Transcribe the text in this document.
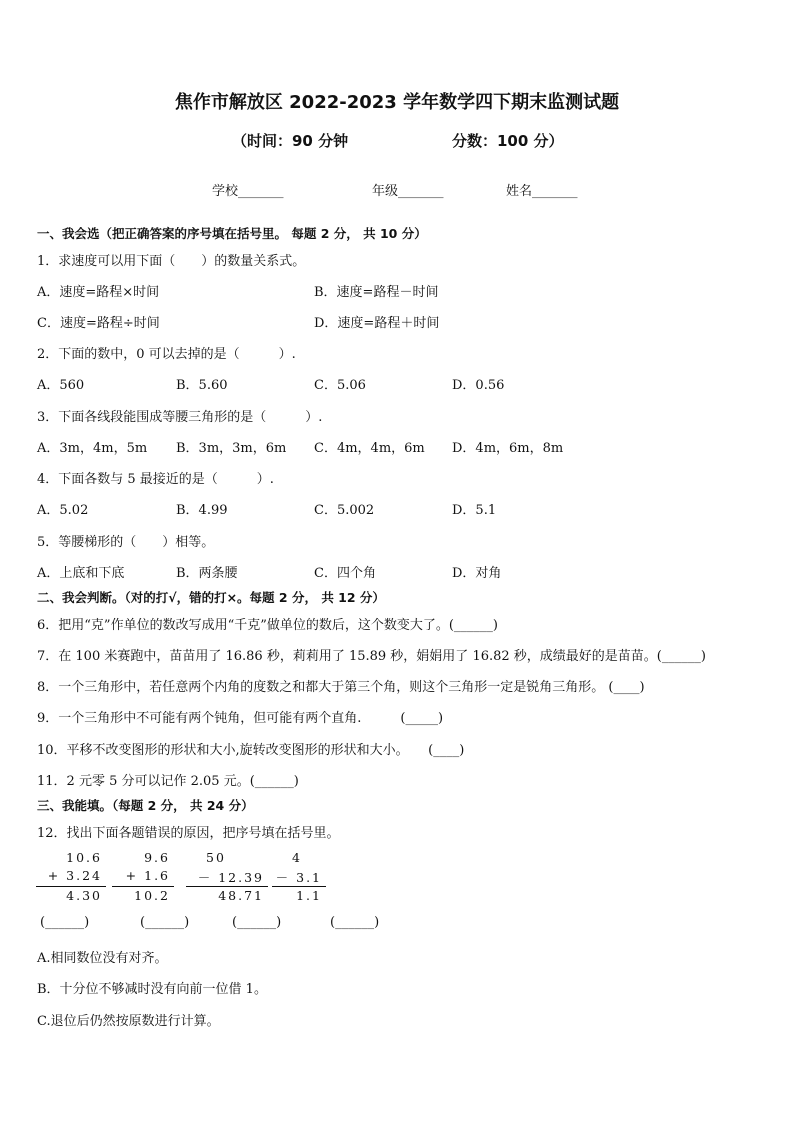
焦作市解放区 2022-2023 学年数学四下期末监测试题
（时间：90 分钟	分数：100 分）
学校_______	年级_______	姓名_______
一、我会选（把正确答案的序号填在括号里。 每题 2 分， 共 10 分）
1．求速度可以用下面（　　）的数量关系式。
A．速度=路程×时间	B．速度=路程－时间
C．速度=路程÷时间	D．速度=路程＋时间
2．下面的数中，0 可以去掉的是（　　　）.
A．560	B．5.60	C．5.06	D．0.56
3．下面各线段能围成等腰三角形的是（　　　）.
A．3m，4m，5m B．3m，3m，6m C．4m，4m，6m D．4m，6m，8m
4．下面各数与 5 最接近的是（　　　）.
A．5.02	B．4.99	C．5.002	D．5.1
5．等腰梯形的（　　）相等。
A．上底和下底	B．两条腰	C．四个角	D．对角
二、我会判断。（对的打√，错的打×。每题 2 分， 共 12 分）
6．把用“克”作单位的数改写成用“千克”做单位的数后，这个数变大了。(______)
7．在 100 米赛跑中，苗苗用了 16.86 秒，莉莉用了 15.89 秒，娟娟用了 16.82 秒，成绩最好的是苗苗。(______)
8．一个三角形中，若任意两个内角的度数之和都大于第三个角，则这个三角形一定是锐角三角形。 (____)
9．一个三角形中不可能有两个钝角，但可能有两个直角.　　　(_____)
10．平移不改变图形的形状和大小,旋转改变图形的形状和大小。　　(____)
11．2 元零 5 分可以记作 2.05 元。(______)
三、我能填。（每题 2 分， 共 24 分）
12．找出下面各题错误的原因，把序号填在括号里。
10.6
+ 3.24
4.30
9.6
+ 1.6
10.2
50
－ 12.39
48.71
4
－ 3.1
1.1
(______)	(______)	(______)	(______)
A.相同数位没有对齐。
B．十分位不够减时没有向前一位借 1。
C.退位后仍然按原数进行计算。
